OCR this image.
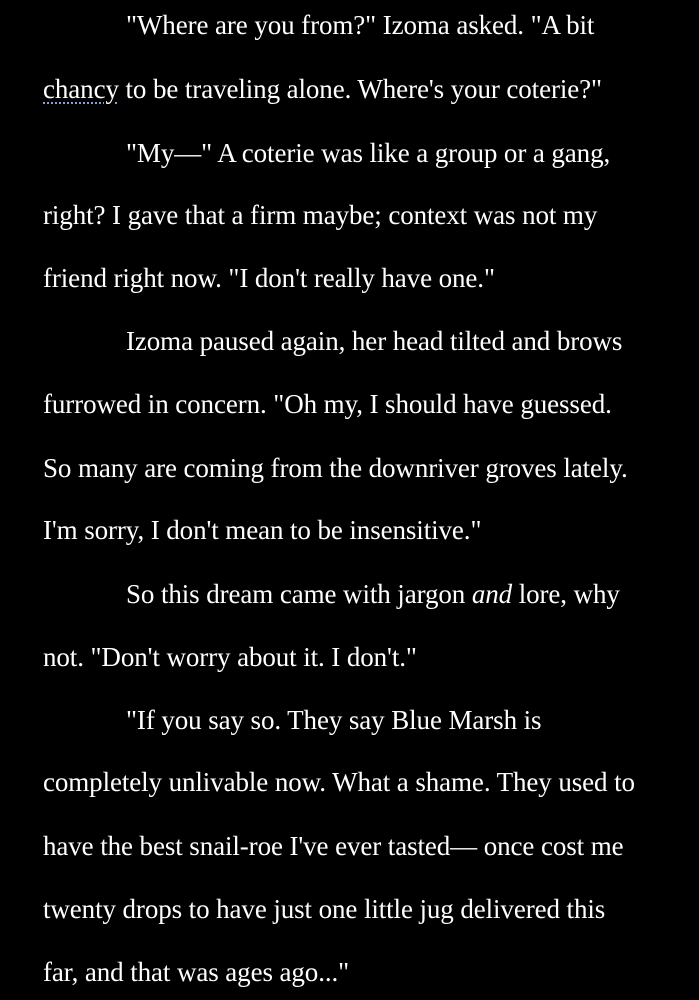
"Where are you from?" Izoma asked. "A bit
chancy to be traveling alone. Where's your coterie?"
"My—" A coterie was like a group or a gang,
right? I gave that a firm maybe; context was not my
friend right now. "I don't really have one."
Izoma paused again, her head tilted and brows
furrowed in concern. "Oh my, I should have guessed.
So many are coming from the downriver groves lately.
I'm sorry, I don't mean to be insensitive."
So this dream came with jargon and lore, why
not. "Don't worry about it. I don't."
"If you say so. They say Blue Marsh is
completely unlivable now. What a shame. They used to
have the best snail-roe I've ever tasted— once cost me
twenty drops to have just one little jug delivered this
far, and that was ages ago..."
